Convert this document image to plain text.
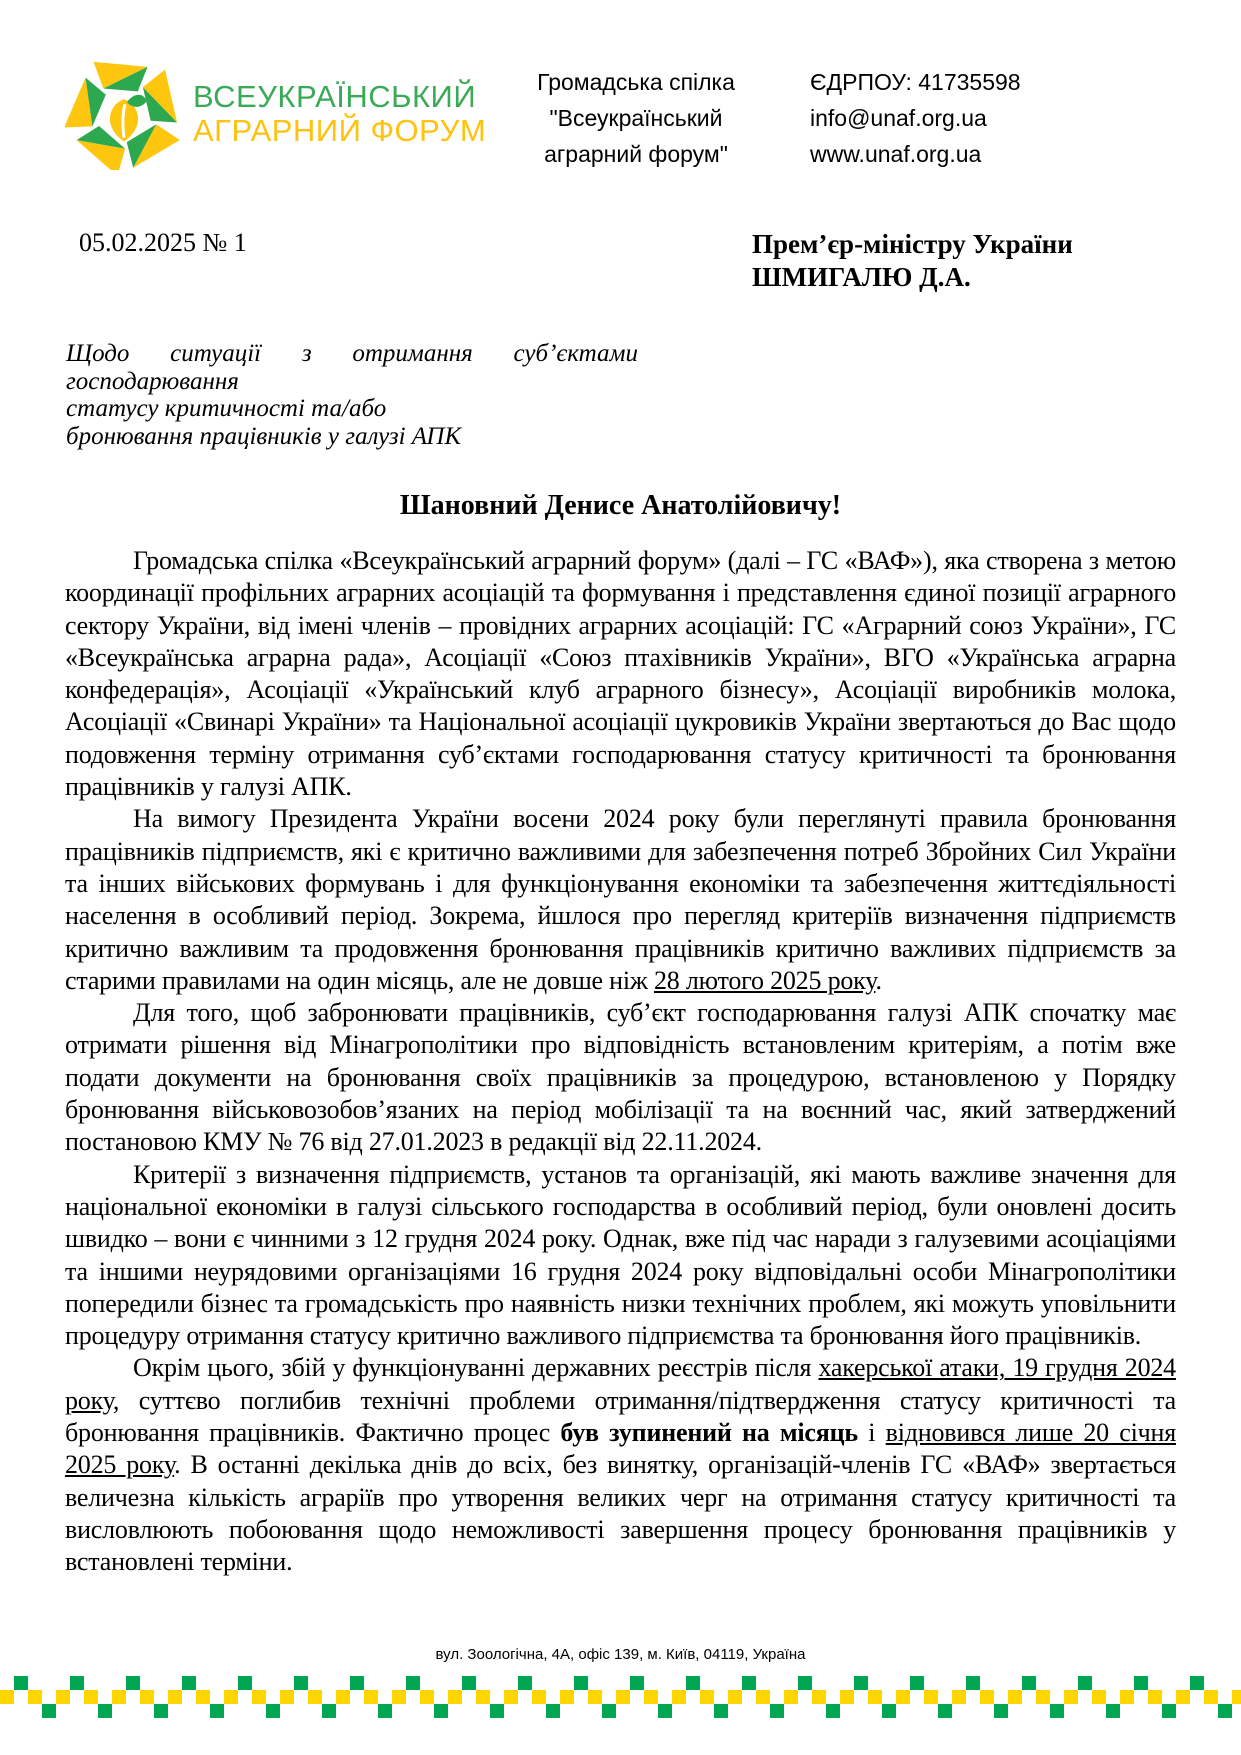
ВСЕУКРАЇНСЬКИЙ
АГРАРНИЙ ФОРУМ
Громадська спілка
"Всеукраїнський
аграрний форум"
ЄДРПОУ: 41735598
info@unaf.org.ua
www.unaf.org.ua
05.02.2025 № 1	Прем’єр-міністру України
ШМИГАЛЮ Д.А.
Щодо ситуації з отримання суб’єктами господарювання
статусу критичності та/або
бронювання працівників у галузі АПК
Шановний Денисе Анатолійовичу!

Громадська спілка «Всеукраїнський аграрний форум» (далі – ГС «ВАФ»), яка створена з метою координації профільних аграрних асоціацій та формування і представлення єдиної позиції аграрного сектору України, від імені членів – провідних аграрних асоціацій: ГС «Аграрний союз України», ГС «Всеукраїнська аграрна рада», Асоціації «Союз птахівників України», ВГО «Українська аграрна конфедерація», Асоціації «Український клуб аграрного бізнесу», Асоціації виробників молока, Асоціації «Свинарі України» та Національної асоціації цукровиків України звертаються до Вас щодо подовження терміну отримання суб’єктами господарювання статусу критичності та бронювання працівників у галузі АПК.

На вимогу Президента України восени 2024 року були переглянуті правила бронювання працівників підприємств, які є критично важливими для забезпечення потреб Збройних Сил України та інших військових формувань і для функціонування економіки та забезпечення життєдіяльності населення в особливий період. Зокрема, йшлося про перегляд критеріїв визначення підприємств критично важливим та продовження бронювання працівників критично важливих підприємств за старими правилами на один місяць, але не довше ніж 28 лютого 2025 року.

Для того, щоб забронювати працівників, суб’єкт господарювання галузі АПК спочатку має отримати рішення від Мінагрополітики про відповідність встановленим критеріям, а потім вже подати документи на бронювання своїх працівників за процедурою, встановленою у Порядку бронювання військовозобов’язаних на період мобілізації та на воєнний час, який затверджений постановою КМУ № 76 від 27.01.2023 в редакції від 22.11.2024.

Критерії з визначення підприємств, установ та організацій, які мають важливе значення для національної економіки в галузі сільського господарства в особливий період, були оновлені досить швидко – вони є чинними з 12 грудня 2024 року. Однак, вже під час наради з галузевими асоціаціями та іншими неурядовими організаціями 16 грудня 2024 року відповідальні особи Мінагрополітики попередили бізнес та громадськість про наявність низки технічних проблем, які можуть уповільнити процедуру отримання статусу критично важливого підприємства та бронювання його працівників.

Окрім цього, збій у функціонуванні державних реєстрів після хакерської атаки, 19 грудня 2024 року, суттєво поглибив технічні проблеми отримання/підтвердження статусу критичності та бронювання працівників. Фактично процес був зупинений на місяць і відновився лише 20 січня 2025 року. В останні декілька днів до всіх, без винятку, організацій-членів ГС «ВАФ» звертається величезна кількість аграріїв про утворення великих черг на отримання статусу критичності та висловлюють побоювання щодо неможливості завершення процесу бронювання працівників у встановлені терміни.

вул. Зоологічна, 4А, офіс 139, м. Київ, 04119, Україна
